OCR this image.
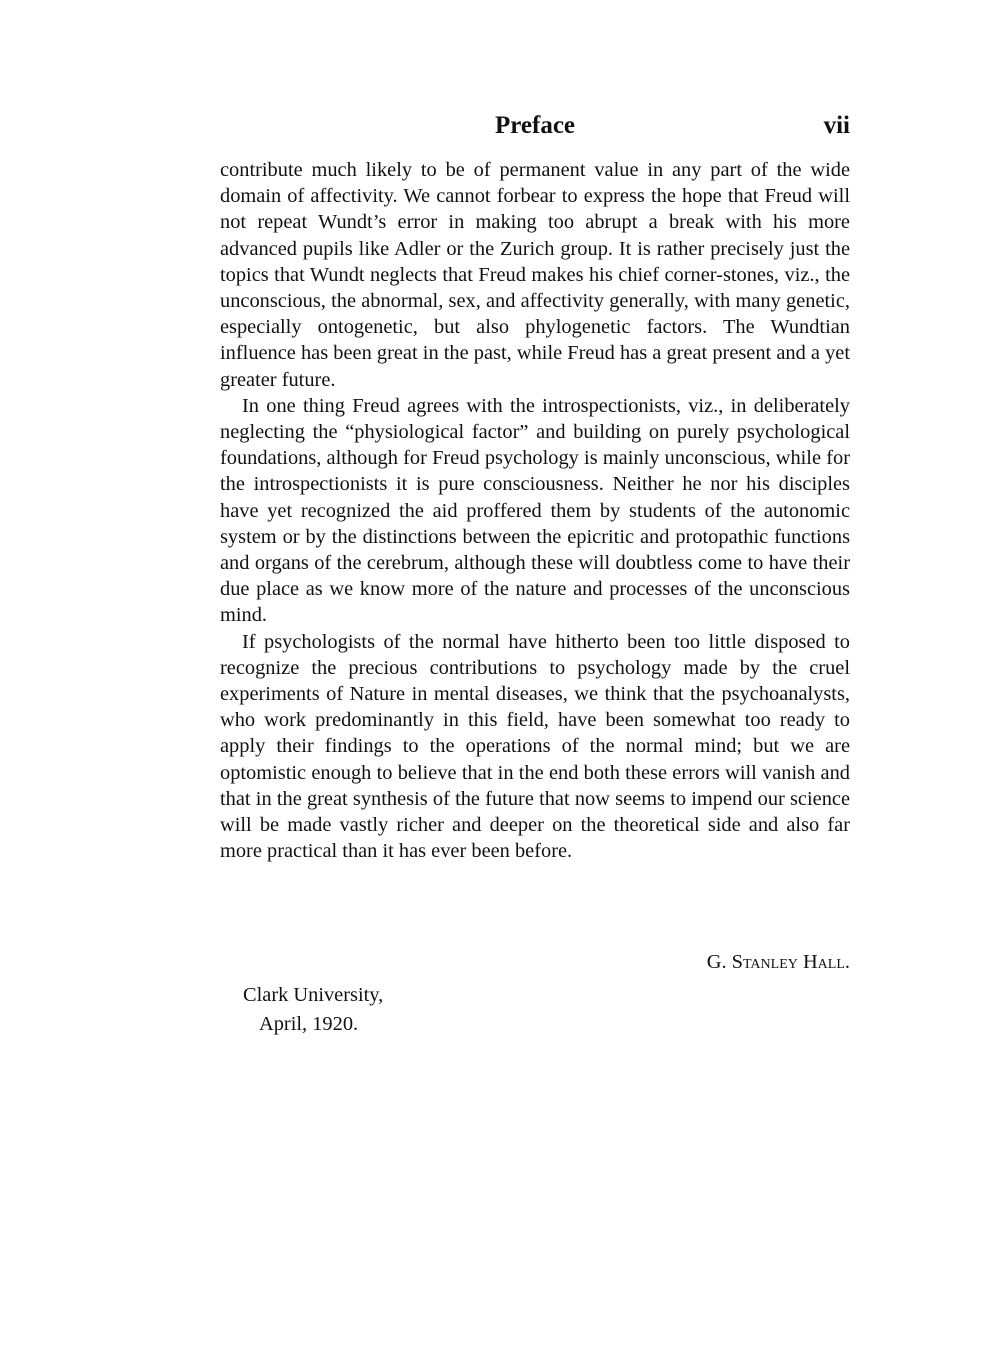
Preface	vii

contribute much likely to be of permanent value in any part of the wide domain of affectivity. We cannot forbear to express the hope that Freud will not repeat Wundt’s error in making too abrupt a break with his more advanced pupils like Adler or the Zurich group. It is rather precisely just the topics that Wundt neglects that Freud makes his chief corner-stones, viz., the unconscious, the abnormal, sex, and affectivity generally, with many genetic, especially ontogenetic, but also phylogenetic factors. The Wundtian influence has been great in the past, while Freud has a great present and a yet greater future.

In one thing Freud agrees with the introspectionists, viz., in deliberately neglecting the “physiological factor” and building on purely psychological foundations, although for Freud psychology is mainly unconscious, while for the introspectionists it is pure consciousness. Neither he nor his disciples have yet recognized the aid proffered them by students of the autonomic system or by the distinctions between the epicritic and protopathic functions and organs of the cerebrum, although these will doubtless come to have their due place as we know more of the nature and processes of the unconscious mind.

If psychologists of the normal have hitherto been too little disposed to recognize the precious contributions to psychology made by the cruel experiments of Nature in mental diseases, we think that the psychoanalysts, who work predominantly in this field, have been somewhat too ready to apply their findings to the operations of the normal mind; but we are optomistic enough to believe that in the end both these errors will vanish and that in the great synthesis of the future that now seems to impend our science will be made vastly richer and deeper on the theoretical side and also far more practical than it has ever been before.

G. Stanley Hall.
Clark University,
April, 1920.
